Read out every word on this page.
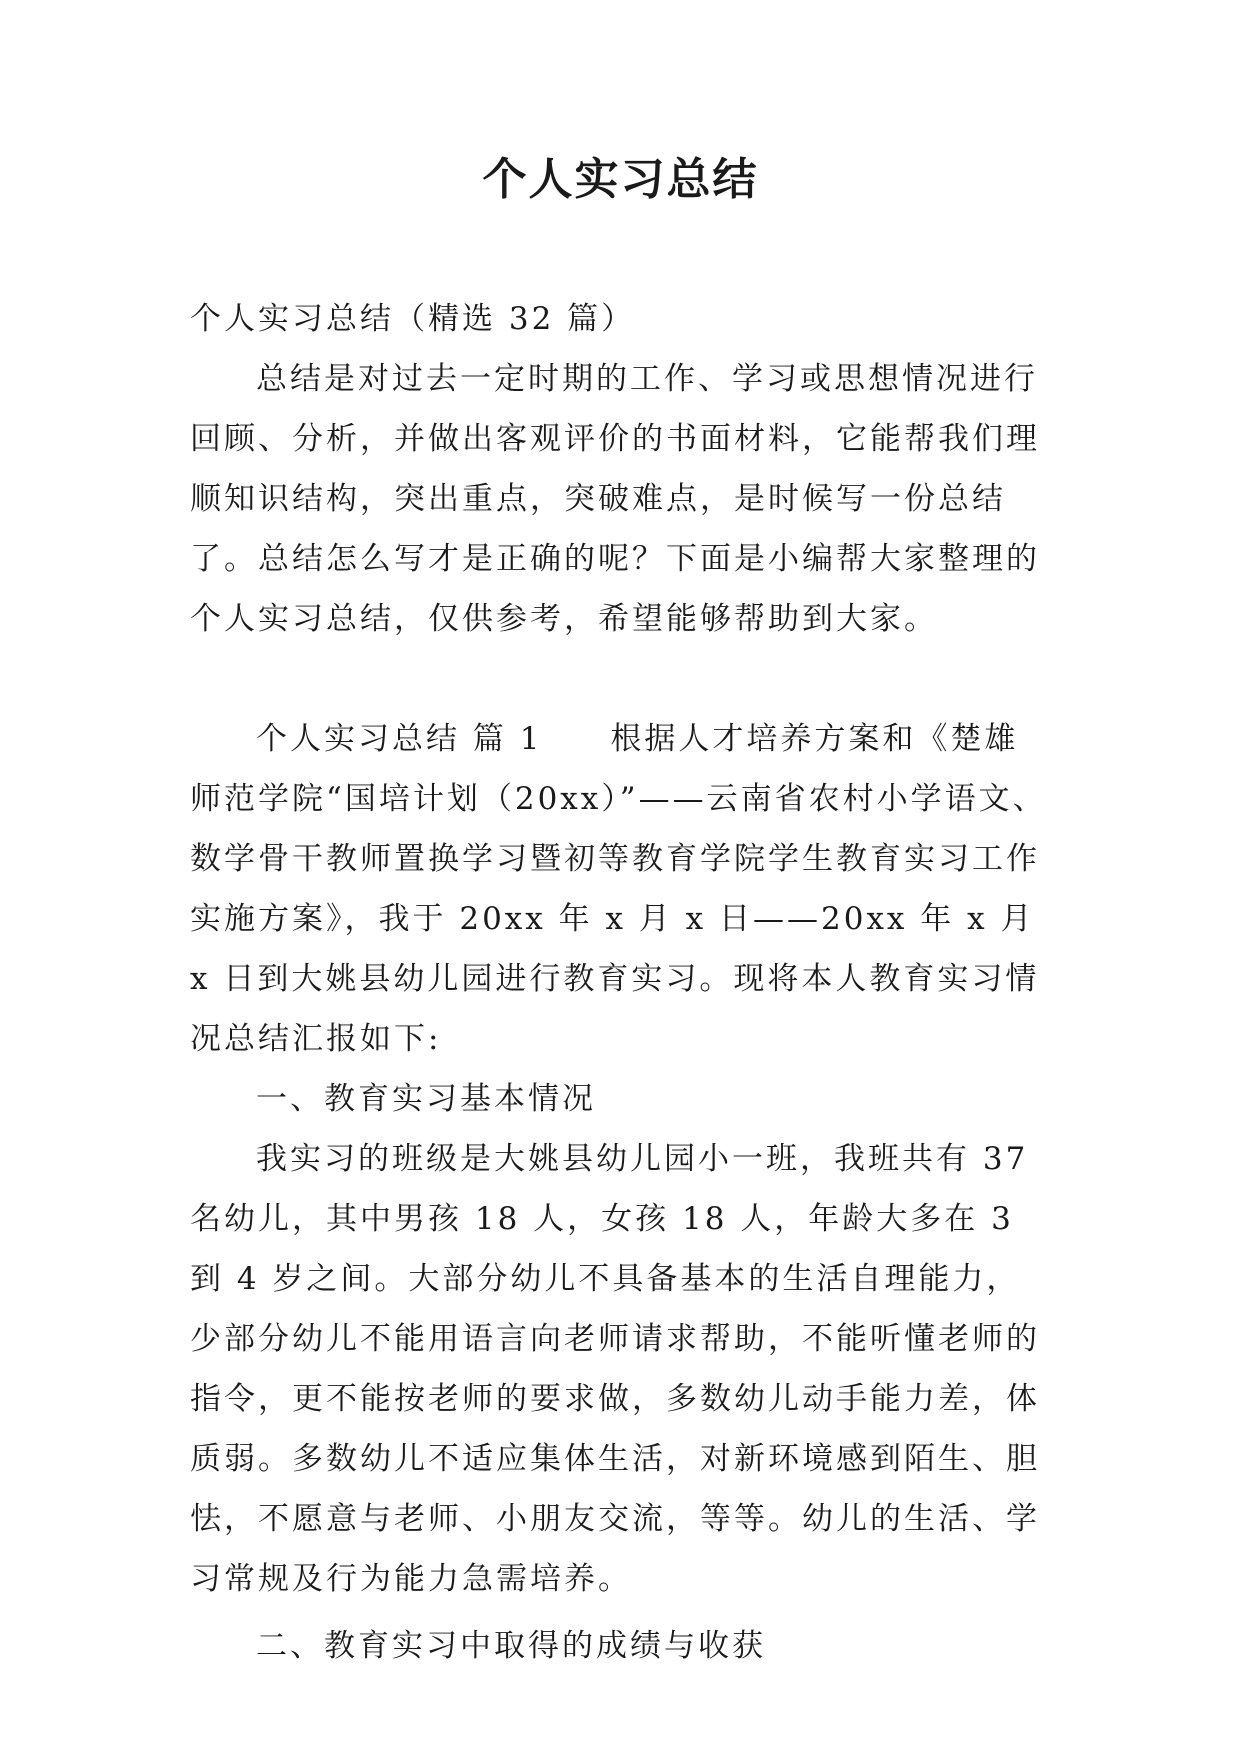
个人实习总结

个人实习总结（精选 32 篇）

总结是对过去一定时期的工作、学习或思想情况进行回顾、分析，并做出客观评价的书面材料，它能帮我们理顺知识结构，突出重点，突破难点，是时候写一份总结了。总结怎么写才是正确的呢？下面是小编帮大家整理的个人实习总结，仅供参考，希望能够帮助到大家。

个人实习总结 篇 1　　根据人才培养方案和《楚雄师范学院“国培计划（20xx）”——云南省农村小学语文、数学骨干教师置换学习暨初等教育学院学生教育实习工作实施方案》，我于 20xx 年 x 月 x 日——20xx 年 x 月 x 日到大姚县幼儿园进行教育实习。现将本人教育实习情况总结汇报如下:

一、教育实习基本情况

我实习的班级是大姚县幼儿园小一班，我班共有 37 名幼儿，其中男孩 18 人，女孩 18 人，年龄大多在 3 到 4 岁之间。大部分幼儿不具备基本的生活自理能力，少部分幼儿不能用语言向老师请求帮助，不能听懂老师的指令，更不能按老师的要求做，多数幼儿动手能力差，体质弱。多数幼儿不适应集体生活，对新环境感到陌生、胆怯，不愿意与老师、小朋友交流，等等。幼儿的生活、学习常规及行为能力急需培养。

二、教育实习中取得的成绩与收获
